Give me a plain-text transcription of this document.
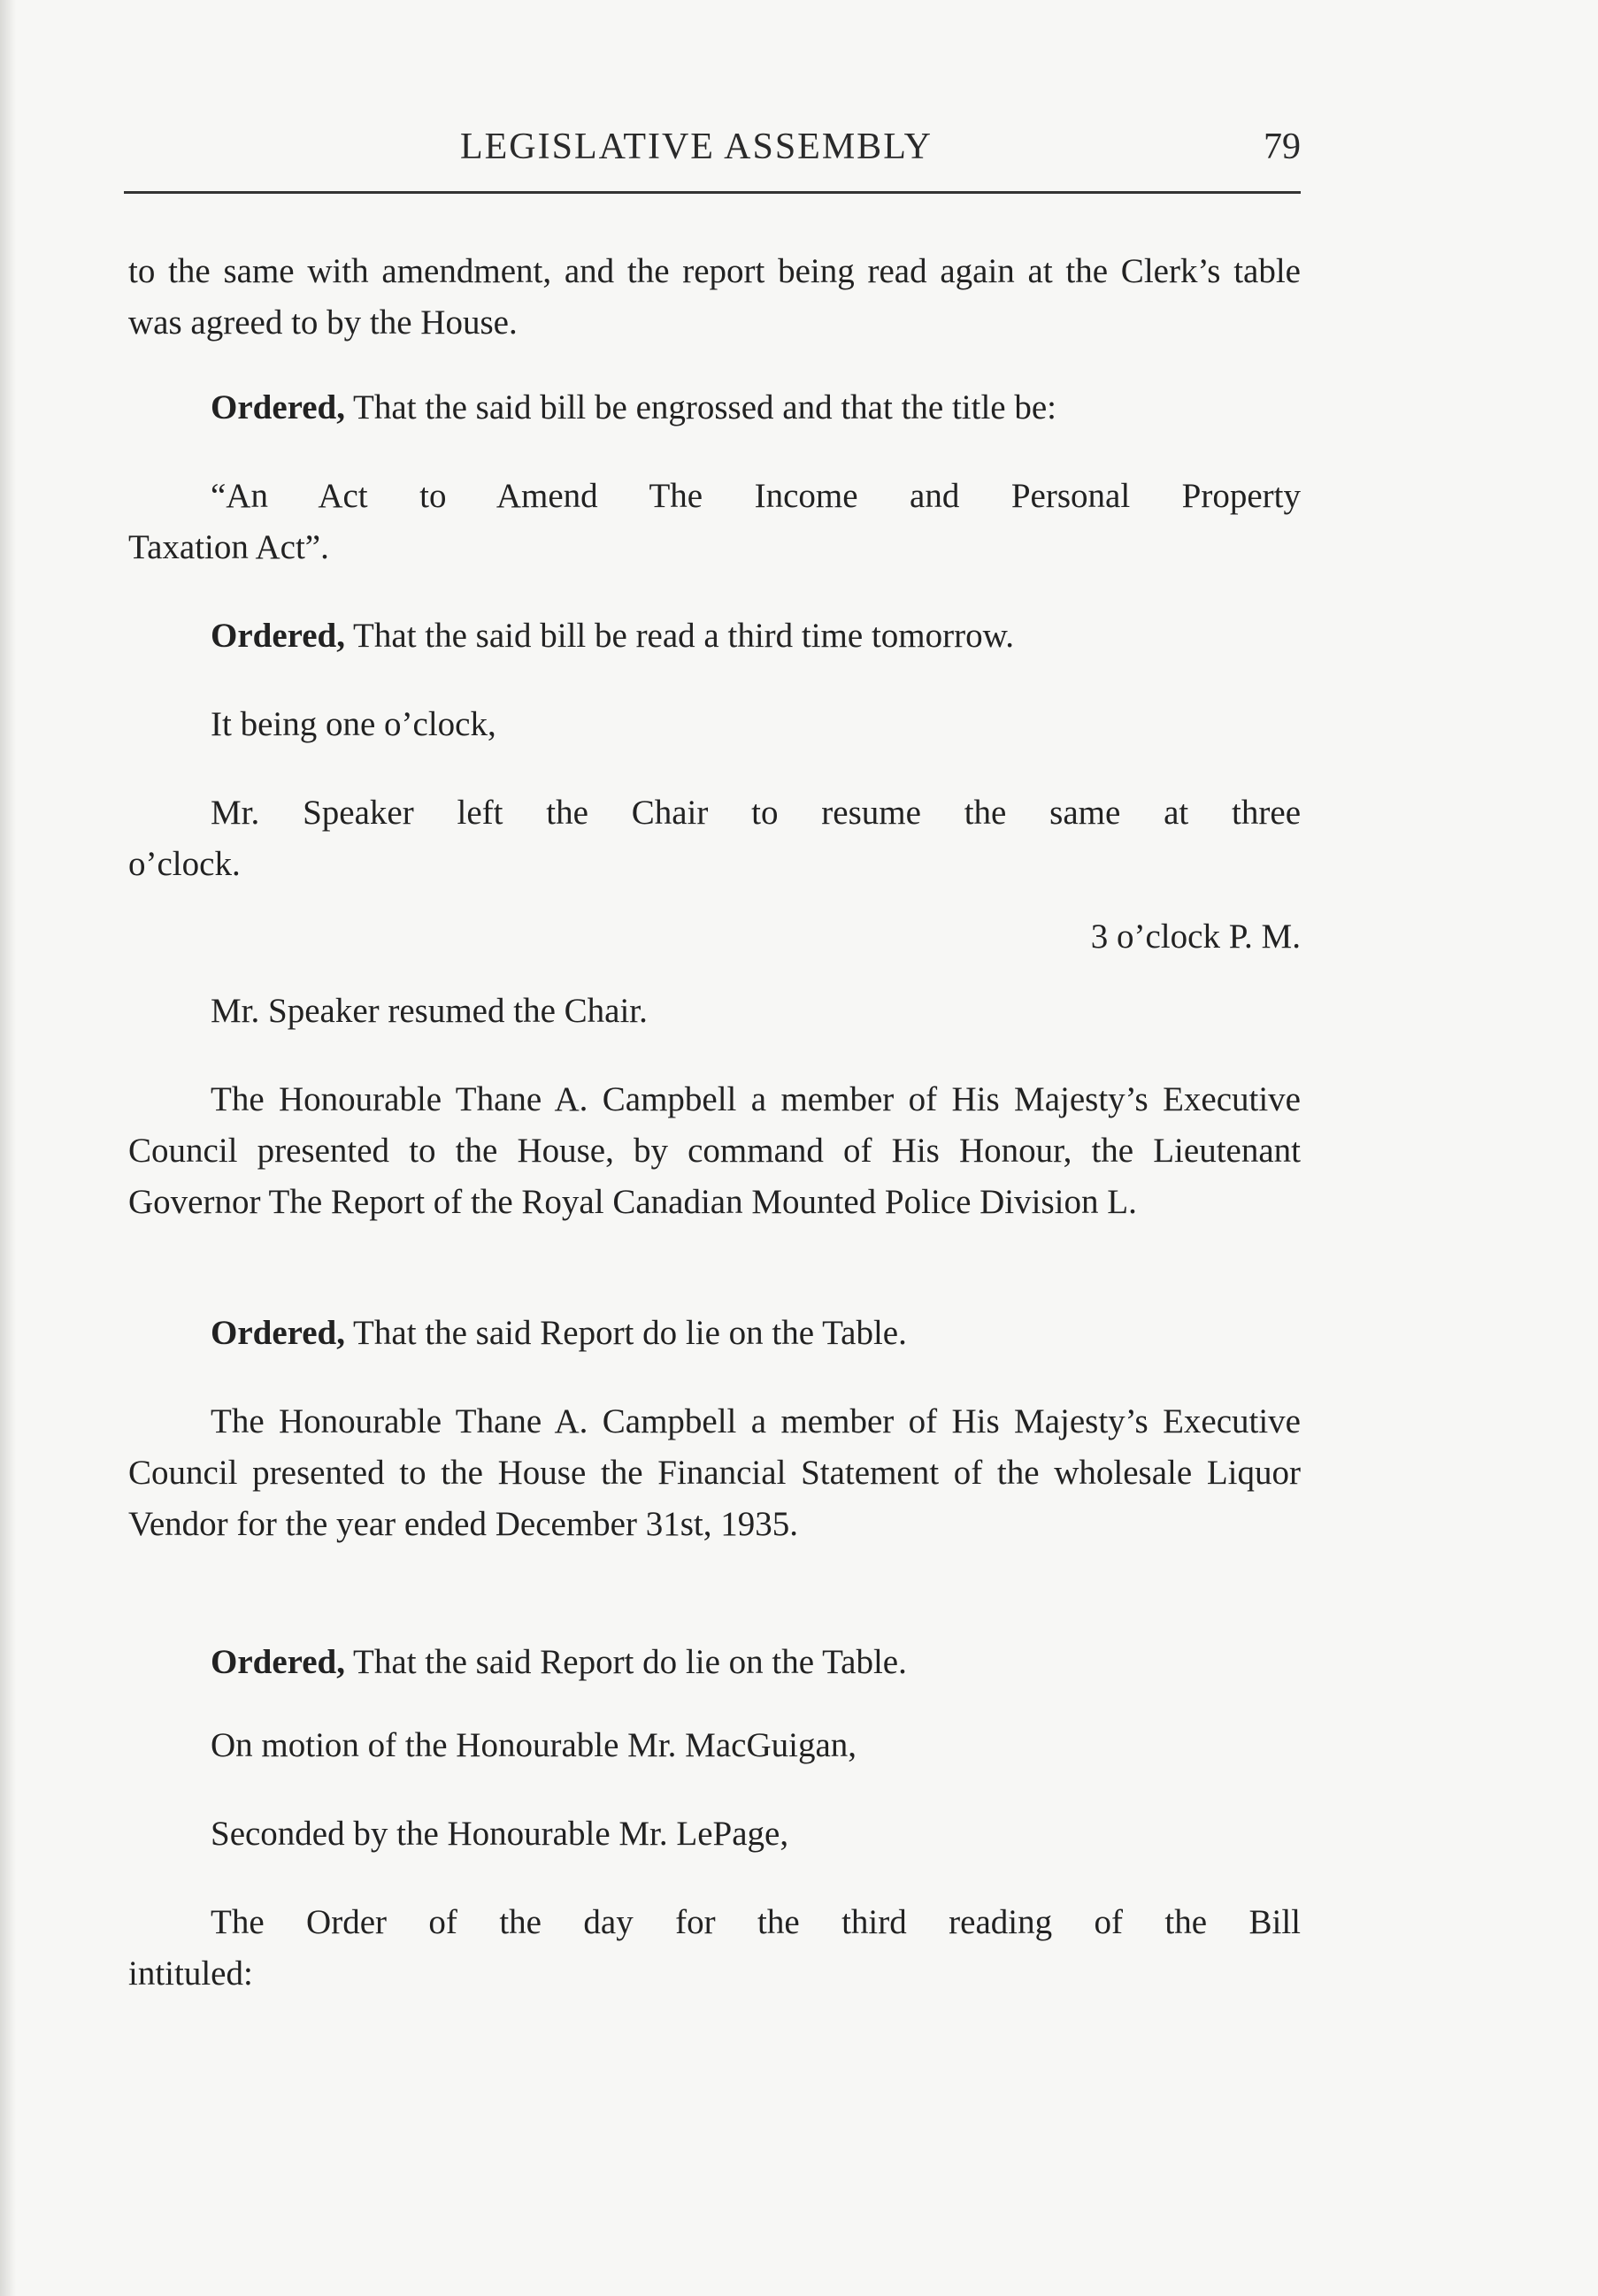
LEGISLATIVE ASSEMBLY	79

to the same with amendment, and the report being read again at the Clerk’s table was agreed to by the House.

Ordered, That the said bill be engrossed and that the title be:

“An Act to Amend The Income and Personal Property
Taxation Act”.

Ordered, That the said bill be read a third time tomorrow.

It being one o’clock,

Mr. Speaker left the Chair to resume the same at three
o’clock.

3 o’clock P. M.

Mr. Speaker resumed the Chair.

The Honourable Thane A. Campbell a member of His Majesty’s Executive Council presented to the House, by command of His Honour, the Lieutenant Governor The Report of the Royal Canadian Mounted Police Division L.

Ordered, That the said Report do lie on the Table.

The Honourable Thane A. Campbell a member of His Majesty’s Executive Council presented to the House the Financial Statement of the wholesale Liquor Vendor for the year ended December 31st, 1935.

Ordered, That the said Report do lie on the Table.

On motion of the Honourable Mr. MacGuigan,

Seconded by the Honourable Mr. LePage,

The Order of the day for the third reading of the Bill
intituled:
